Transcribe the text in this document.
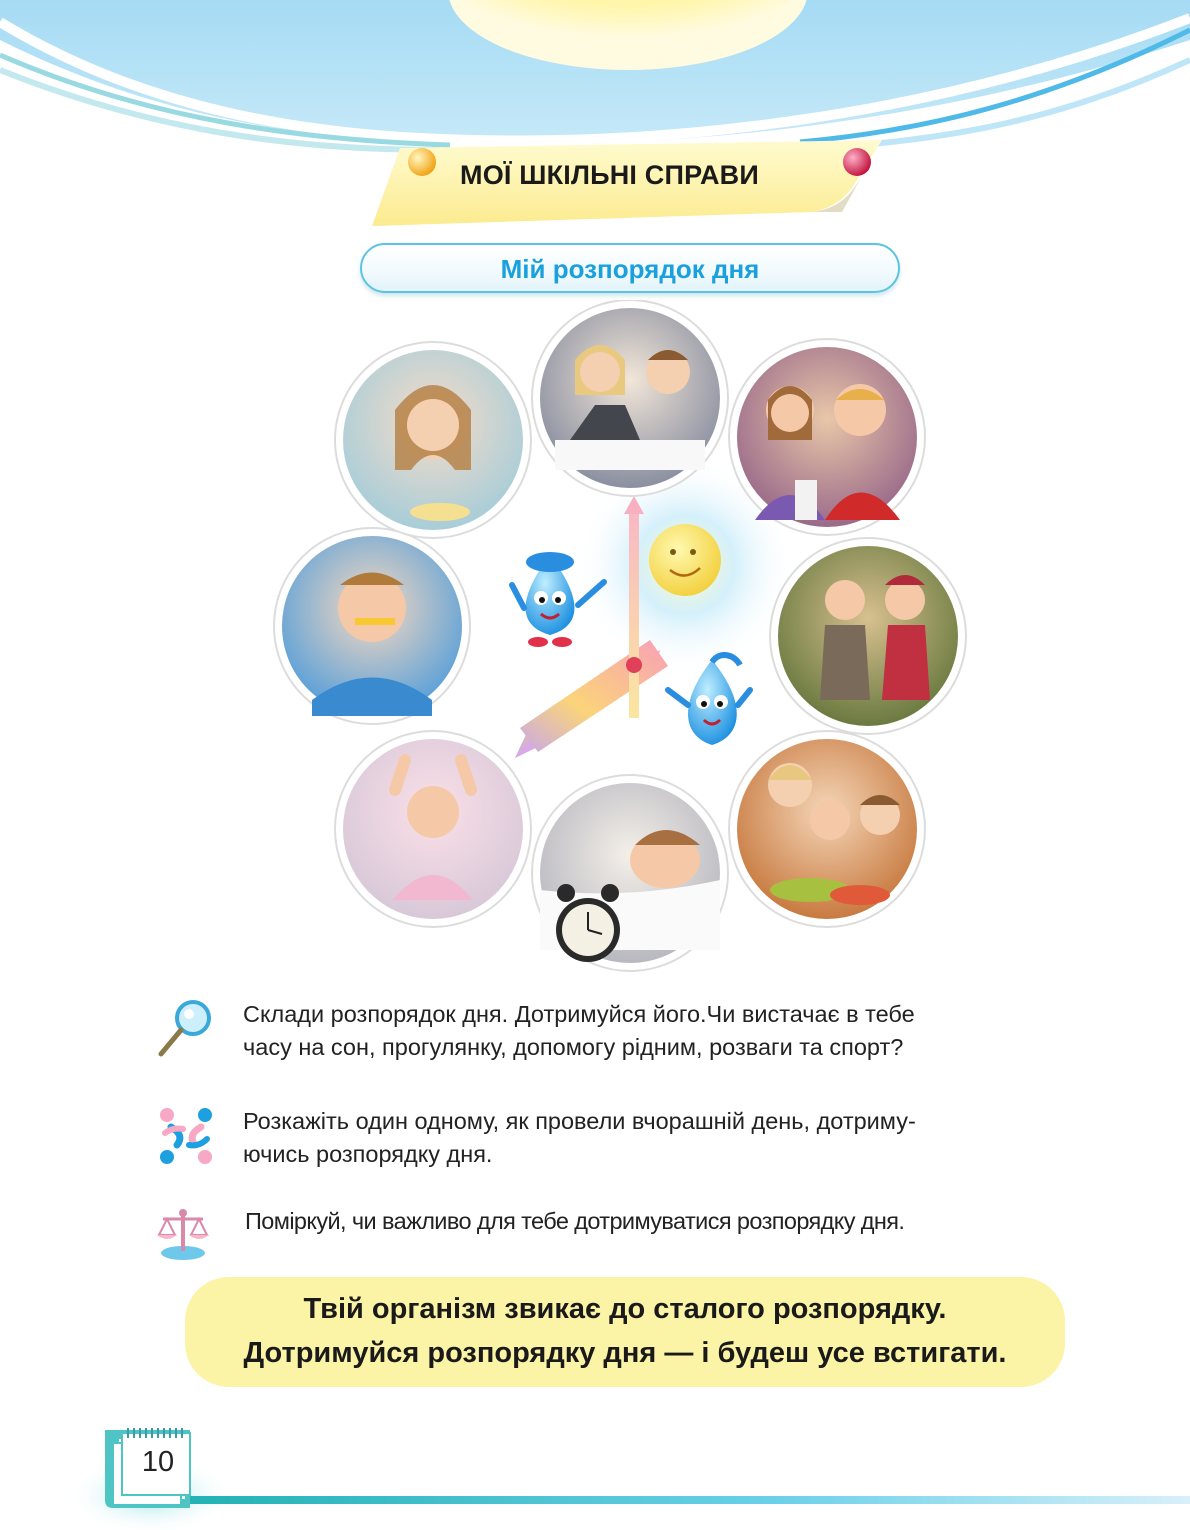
МОЇ ШКІЛЬНІ СПРАВИ
Мій розпорядок дня
Склади розпорядок дня. Дотримуйся його.Чи вистачає в тебе
часу на сон, прогулянку, допомогу рідним, розваги та спорт?
Розкажіть один одному, як провели вчорашній день, дотриму-
ючись розпорядку дня.
Поміркуй, чи важливо для тебе дотримуватися розпорядку дня.
Твій організм звикає до сталого розпорядку.
Дотримуйся розпорядку дня — і будеш усе встигати.
10
